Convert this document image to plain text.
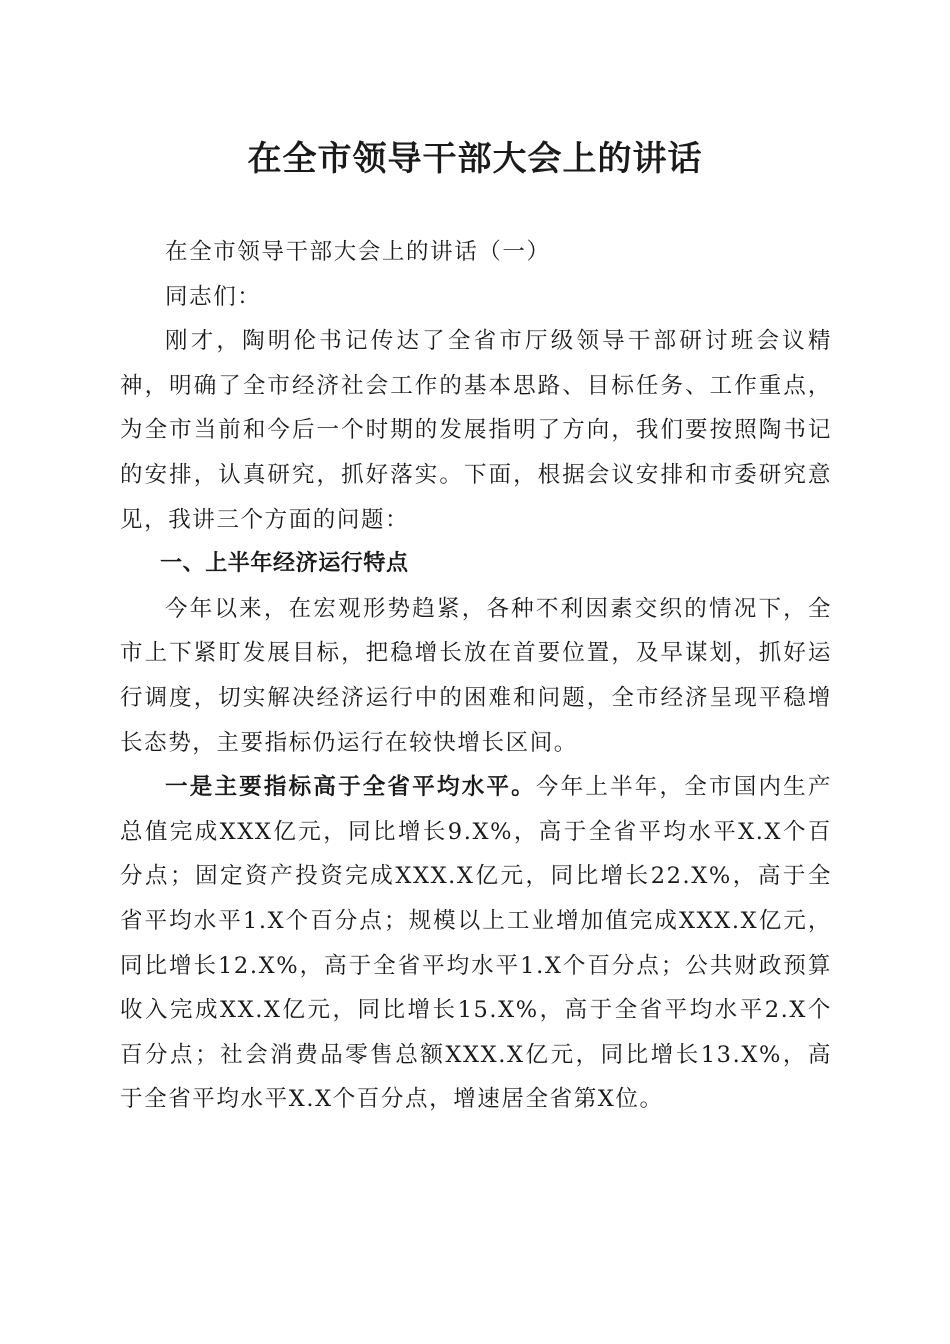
在全市领导干部大会上的讲话

在全市领导干部大会上的讲话（一）

同志们：

刚才，陶明伦书记传达了全省市厅级领导干部研讨班会议精神，明确了全市经济社会工作的基本思路、目标任务、工作重点，为全市当前和今后一个时期的发展指明了方向，我们要按照陶书记的安排，认真研究，抓好落实。下面，根据会议安排和市委研究意见，我讲三个方面的问题：

一、上半年经济运行特点

今年以来，在宏观形势趋紧，各种不利因素交织的情况下，全市上下紧盯发展目标，把稳增长放在首要位置，及早谋划，抓好运行调度，切实解决经济运行中的困难和问题，全市经济呈现平稳增长态势，主要指标仍运行在较快增长区间。

一是主要指标高于全省平均水平。今年上半年，全市国内生产总值完成XXX亿元，同比增长9.X%，高于全省平均水平X.X个百分点；固定资产投资完成XXX.X亿元，同比增长22.X%，高于全省平均水平1.X个百分点；规模以上工业增加值完成XXX.X亿元，同比增长12.X%，高于全省平均水平1.X个百分点；公共财政预算收入完成XX.X亿元，同比增长15.X%，高于全省平均水平2.X个百分点；社会消费品零售总额XXX.X亿元，同比增长13.X%，高于全省平均水平X.X个百分点，增速居全省第X位。
